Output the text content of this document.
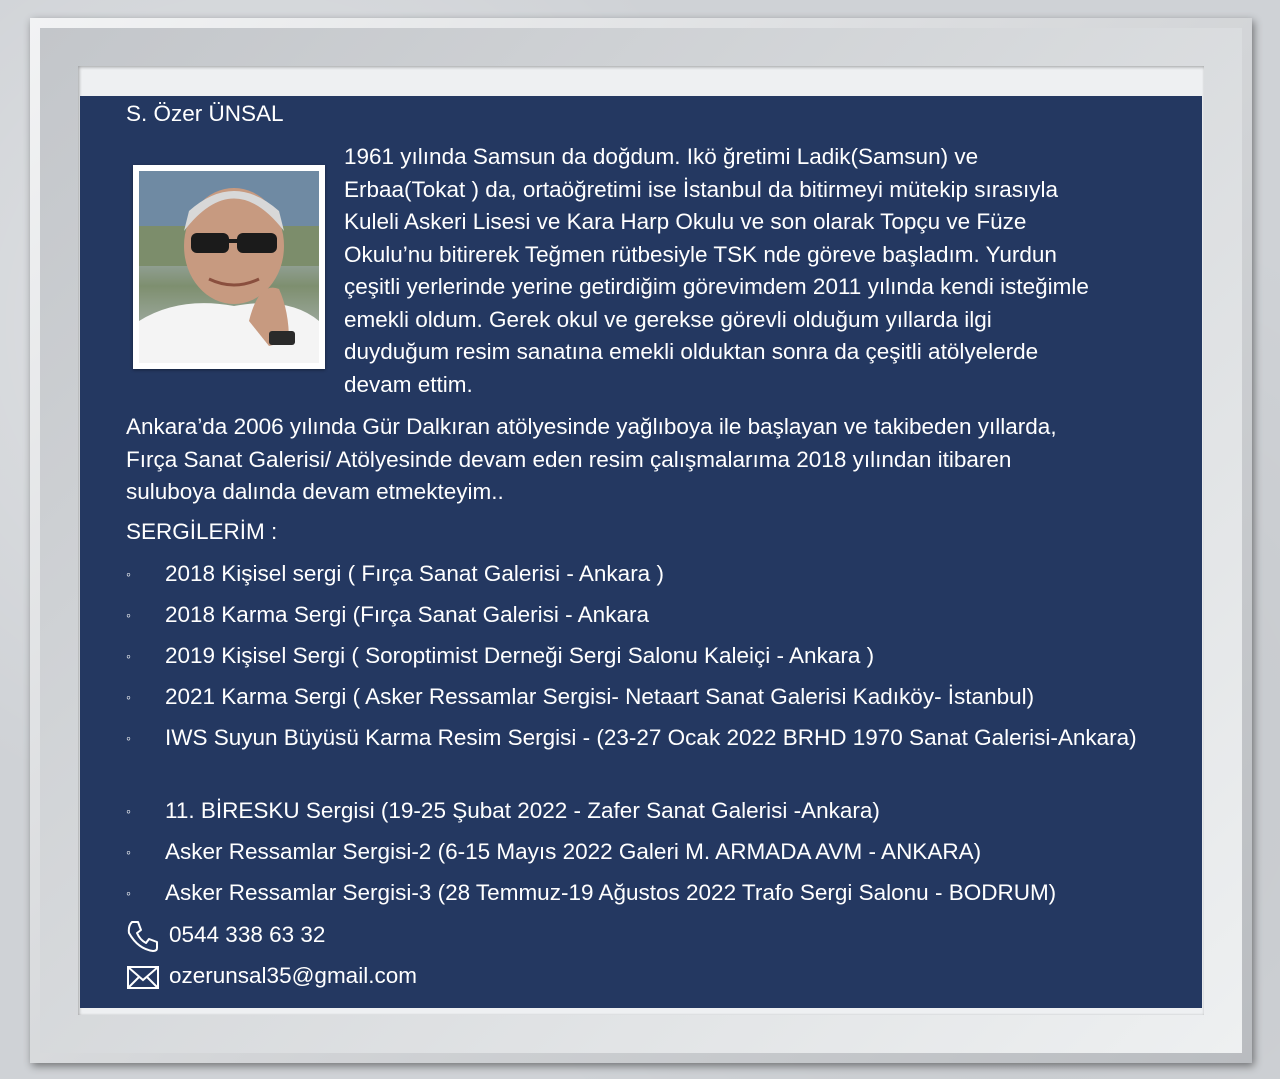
S. Özer ÜNSAL
1961 yılında Samsun da doğdum. Ikö ğretimi Ladik(Samsun) ve
Erbaa(Tokat ) da, ortaöğretimi ise İstanbul da bitirmeyi mütekip sırasıyla
Kuleli Askeri Lisesi ve Kara Harp Okulu ve son olarak Topçu ve Füze
Okulu’nu bitirerek Teğmen rütbesiyle TSK nde göreve başladım. Yurdun
çeşitli yerlerinde yerine getirdiğim görevimdem 2011 yılında kendi isteğimle
emekli oldum. Gerek okul ve gerekse görevli olduğum yıllarda ilgi
duyduğum resim sanatına emekli olduktan sonra da çeşitli atölyelerde
devam ettim.
Ankara’da 2006 yılında Gür Dalkıran atölyesinde yağlıboya ile başlayan ve takibeden yıllarda,
Fırça Sanat Galerisi/ Atölyesinde devam eden resim çalışmalarıma 2018 yılından itibaren
suluboya dalında devam etmekteyim..
SERGİLERİM :
◦	2018 Kişisel sergi ( Fırça Sanat Galerisi - Ankara )
◦	2018 Karma Sergi (Fırça Sanat Galerisi - Ankara
◦	2019 Kişisel Sergi ( Soroptimist Derneği Sergi Salonu Kaleiçi - Ankara )
◦	2021 Karma Sergi ( Asker Ressamlar Sergisi- Netaart Sanat Galerisi Kadıköy- İstanbul)
◦	IWS Suyun Büyüsü Karma Resim Sergisi - (23-27 Ocak 2022 BRHD 1970 Sanat Galerisi-Ankara)
◦	11. BİRESKU Sergisi (19-25 Şubat 2022 - Zafer Sanat Galerisi -Ankara)
◦	Asker Ressamlar Sergisi-2 (6-15 Mayıs 2022 Galeri M. ARMADA AVM - ANKARA)
◦	Asker Ressamlar Sergisi-3 (28 Temmuz-19 Ağustos 2022 Trafo Sergi Salonu - BODRUM)
0544 338 63 32
ozerunsal35@gmail.com
